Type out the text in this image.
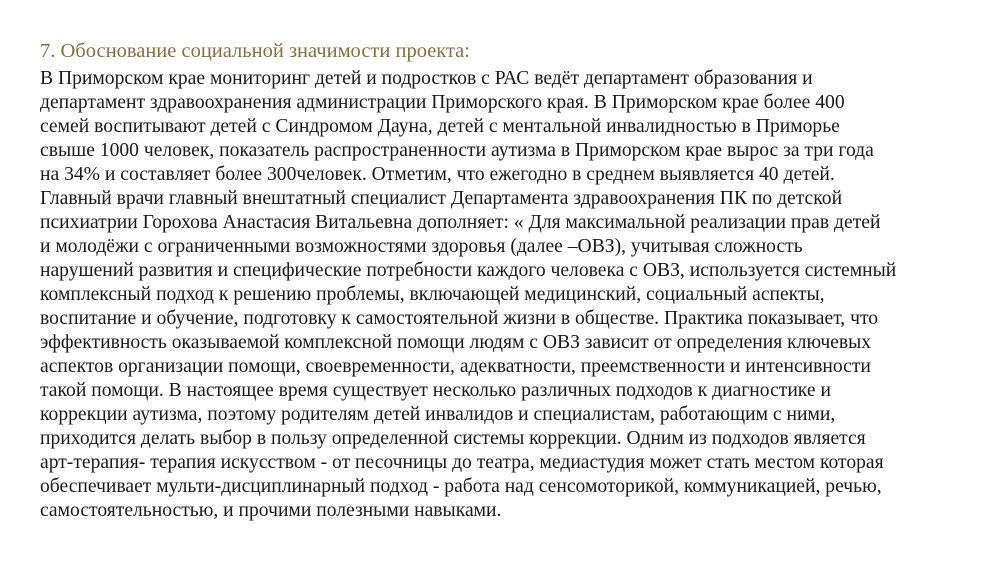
7. Обоснование социальной значимости проекта:
В Приморском крае мониторинг детей и подростков с РАС ведёт департамент образования и
департамент здравоохранения администрации Приморского края. В Приморском крае более 400
семей воспитывают детей с Синдромом Дауна, детей с ментальной инвалидностью в Приморье
свыше 1000 человек, показатель распространенности аутизма в Приморском крае вырос за три года
на 34% и составляет более 300человек. Отметим, что ежегодно в среднем выявляется 40 детей.
Главный врачи главный внештатный специалист Департамента здравоохранения ПК по детской
психиатрии Горохова Анастасия Витальевна дополняет: « Для максимальной реализации прав детей
и молодёжи с ограниченными возможностями здоровья (далее –ОВЗ), учитывая сложность
нарушений развития и специфические потребности каждого человека с ОВЗ, используется системный
комплексный подход к решению проблемы, включающей медицинский, социальный аспекты,
воспитание и обучение, подготовку к самостоятельной жизни в обществе. Практика показывает, что
эффективность оказываемой комплексной помощи людям с ОВЗ зависит от определения ключевых
аспектов организации помощи, своевременности, адекватности, преемственности и интенсивности
такой помощи. В настоящее время существует несколько различных подходов к диагностике и
коррекции аутизма, поэтому родителям детей инвалидов и специалистам, работающим с ними,
приходится делать выбор в пользу определенной системы коррекции. Одним из подходов является
арт-терапия- терапия искусством - от песочницы до театра, медиастудия может стать местом которая
обеспечивает мульти-дисциплинарный подход - работа над сенсомоторикой, коммуникацией, речью,
самостоятельностью, и прочими полезными навыками.
